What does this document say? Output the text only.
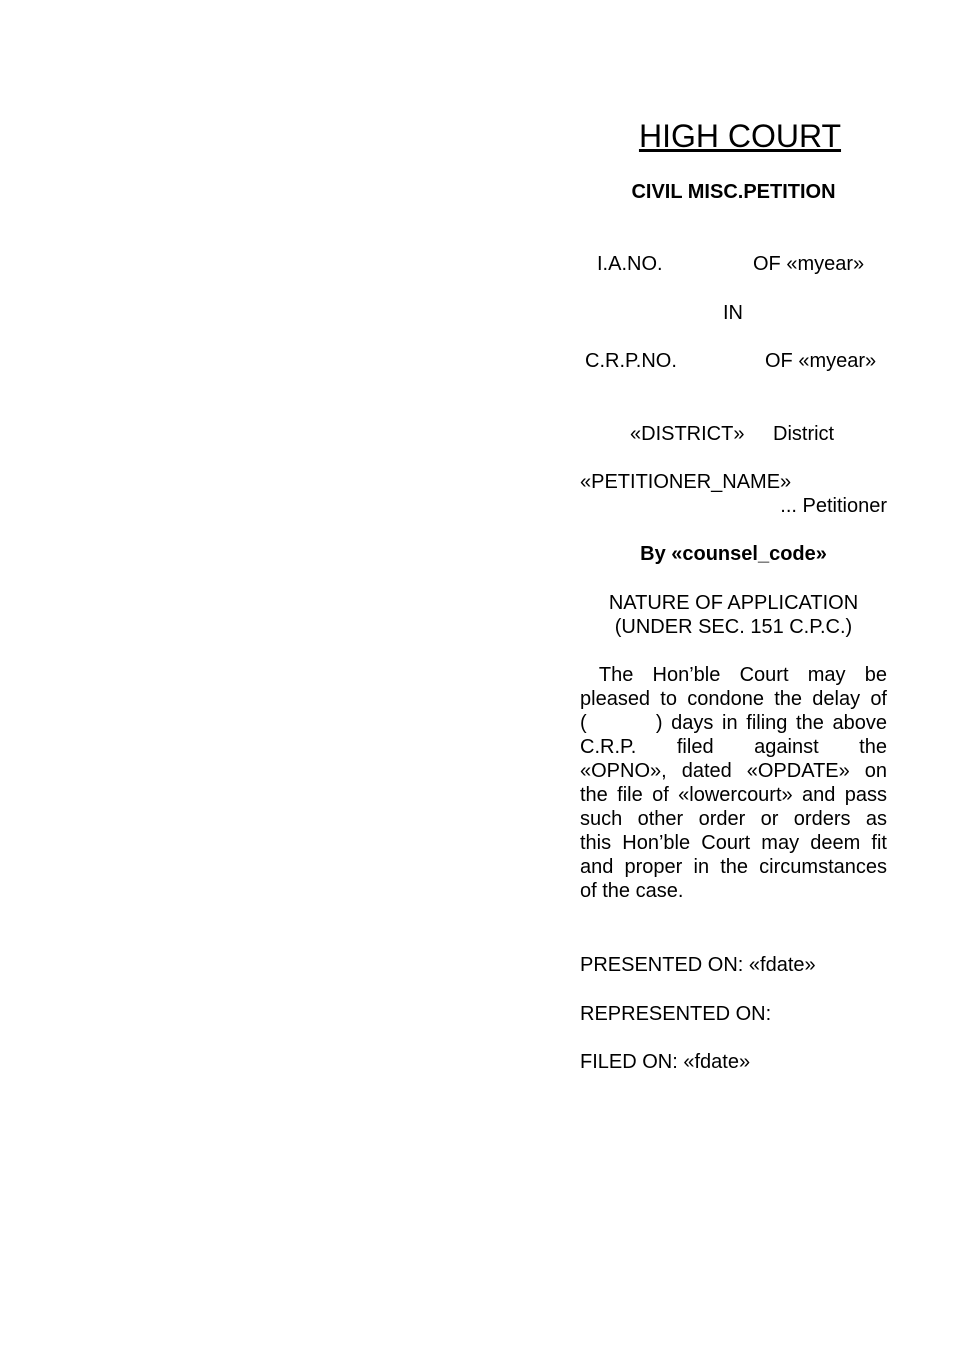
HIGH COURT
CIVIL MISC.PETITION
I.A.NO.	OF «myear»
IN
C.R.P.NO.	OF «myear»
«DISTRICT» District
«PETITIONER_NAME»
... Petitioner
By «counsel_code»
NATURE OF APPLICATION
(UNDER SEC. 151 C.P.C.)
The Hon’ble Court may be
pleased to condone the delay of
(        ) days in filing the above
C.R.P. filed against the
«OPNO», dated «OPDATE» on
the file of «lowercourt» and pass
such other order or orders as
this Hon’ble Court may deem fit
and proper in the circumstances
of the case.
PRESENTED ON: «fdate»
REPRESENTED ON:
FILED ON: «fdate»
